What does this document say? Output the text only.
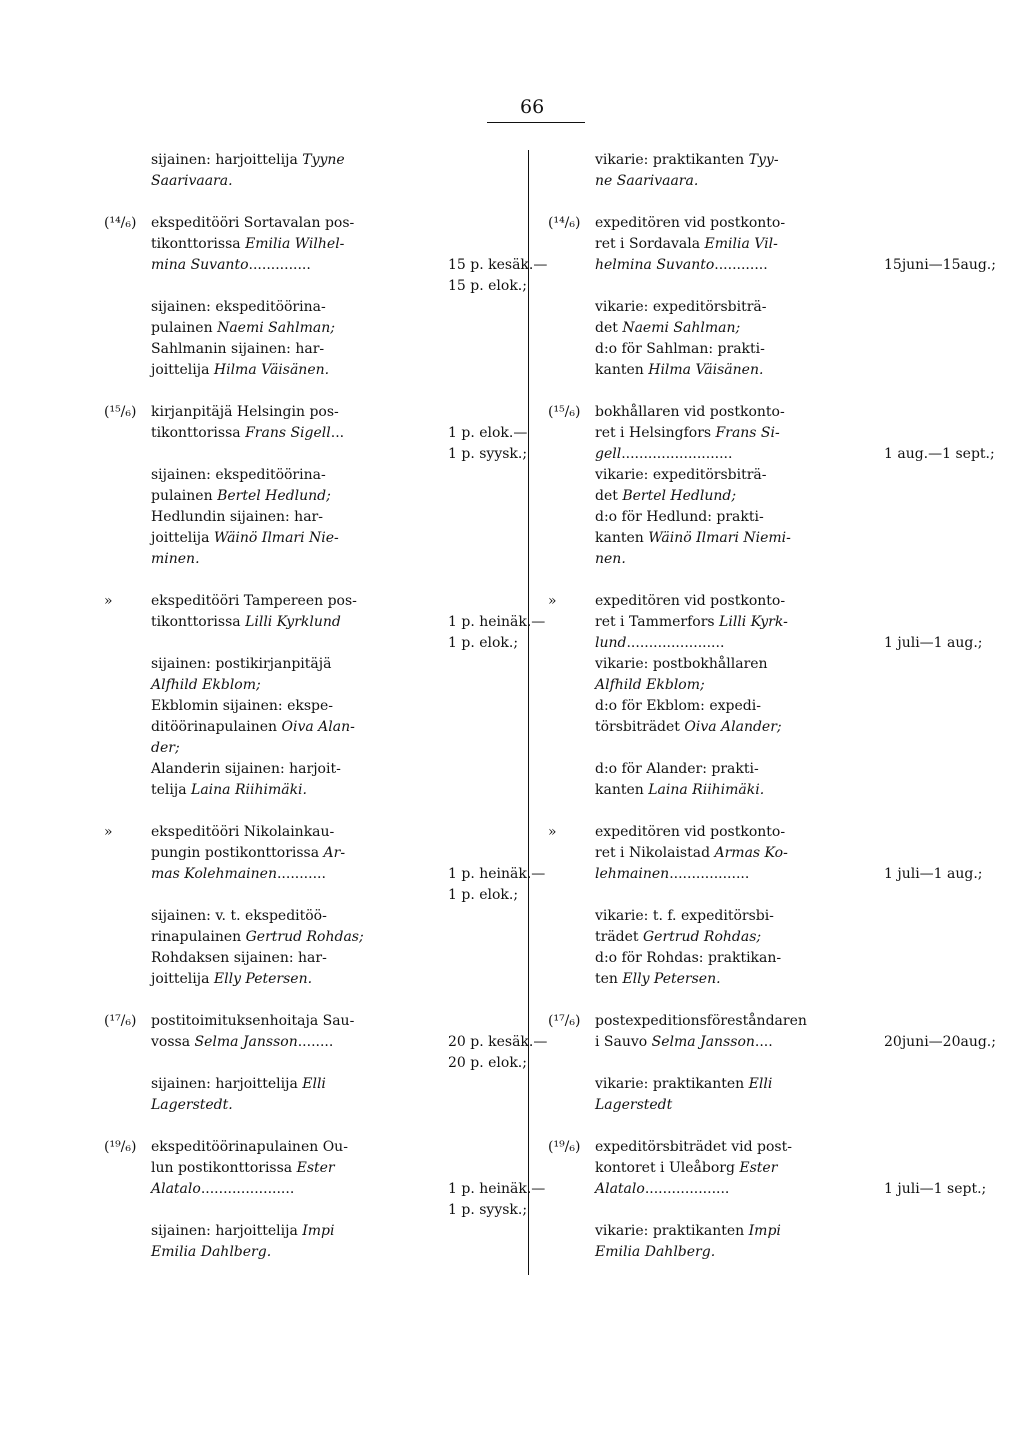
66
sijainen: harjoittelija Tyyne
Saarivaara.
(¹⁴/₆) ekspeditööri Sortavalan pos-
tikonttorissa Emilia Wilhel-
mina Suvanto..............	15 p. kesäk.—
15 p. elok.;
sijainen: ekspeditöörina-
pulainen Naemi Sahlman;
Sahlmanin sijainen: har-
joittelija Hilma Väisänen.
(¹⁵/₆) kirjanpitäjä Helsingin pos-
tikonttorissa Frans Sigell...	1 p. elok.—
1 p. syysk.;
sijainen: ekspeditöörina-
pulainen Bertel Hedlund;
Hedlundin sijainen: har-
joittelija Wäinö Ilmari Nie-
minen.
»	ekspeditööri Tampereen pos-
tikonttorissa Lilli Kyrklund	1 p. heinäk.—
1 p. elok.;
sijainen: postikirjanpitäjä
Alfhild Ekblom;
Ekblomin sijainen: ekspe-
ditöörinapulainen Oiva Alan-
der;
Alanderin sijainen: harjoit-
telija Laina Riihimäki.
»	ekspeditööri Nikolainkau-
pungin postikonttorissa Ar-
mas Kolehmainen...........	1 p. heinäk.—
1 p. elok.;
sijainen: v. t. ekspeditöö-
rinapulainen Gertrud Rohdas;
Rohdaksen sijainen: har-
joittelija Elly Petersen.
(¹⁷/₆) postitoimituksenhoitaja Sau-
vossa Selma Jansson........	20 p. kesäk.—
20 p. elok.;
sijainen: harjoittelija Elli
Lagerstedt.
(¹⁹/₆) ekspeditöörinapulainen Ou-
lun postikonttorissa Ester
Alatalo.....................	1 p. heinäk.—
1 p. syysk.;
sijainen: harjoittelija Impi
Emilia Dahlberg.
vikarie: praktikanten Tyy-
ne Saarivaara.
(¹⁴/₆) expeditören vid postkonto-
ret i Sordavala Emilia Vil-
helmina Suvanto............	15juni—15aug.;
vikarie: expeditörsbiträ-
det Naemi Sahlman;
d:o för Sahlman: prakti-
kanten Hilma Väisänen.
(¹⁵/₆) bokhållaren vid postkonto-
ret i Helsingfors Frans Si-
gell.........................	1 aug.—1 sept.;
vikarie: expeditörsbiträ-
det Bertel Hedlund;
d:o för Hedlund: prakti-
kanten Wäinö Ilmari Niemi-
nen.
»	expeditören vid postkonto-
ret i Tammerfors Lilli Kyrk-
lund......................	1 juli—1 aug.;
vikarie: postbokhållaren
Alfhild Ekblom;
d:o för Ekblom: expedi-
törsbiträdet Oiva Alander;
d:o för Alander: prakti-
kanten Laina Riihimäki.
»	expeditören vid postkonto-
ret i Nikolaistad Armas Ko-
lehmainen..................	1 juli—1 aug.;
vikarie: t. f. expeditörsbi-
trädet Gertrud Rohdas;
d:o för Rohdas: praktikan-
ten Elly Petersen.
(¹⁷/₆) postexpeditionsföreståndaren
i Sauvo Selma Jansson....	20juni—20aug.;
vikarie: praktikanten Elli
Lagerstedt
(¹⁹/₆) expeditörsbiträdet vid post-
kontoret i Uleåborg Ester
Alatalo...................	1 juli—1 sept.;
vikarie: praktikanten Impi
Emilia Dahlberg.
